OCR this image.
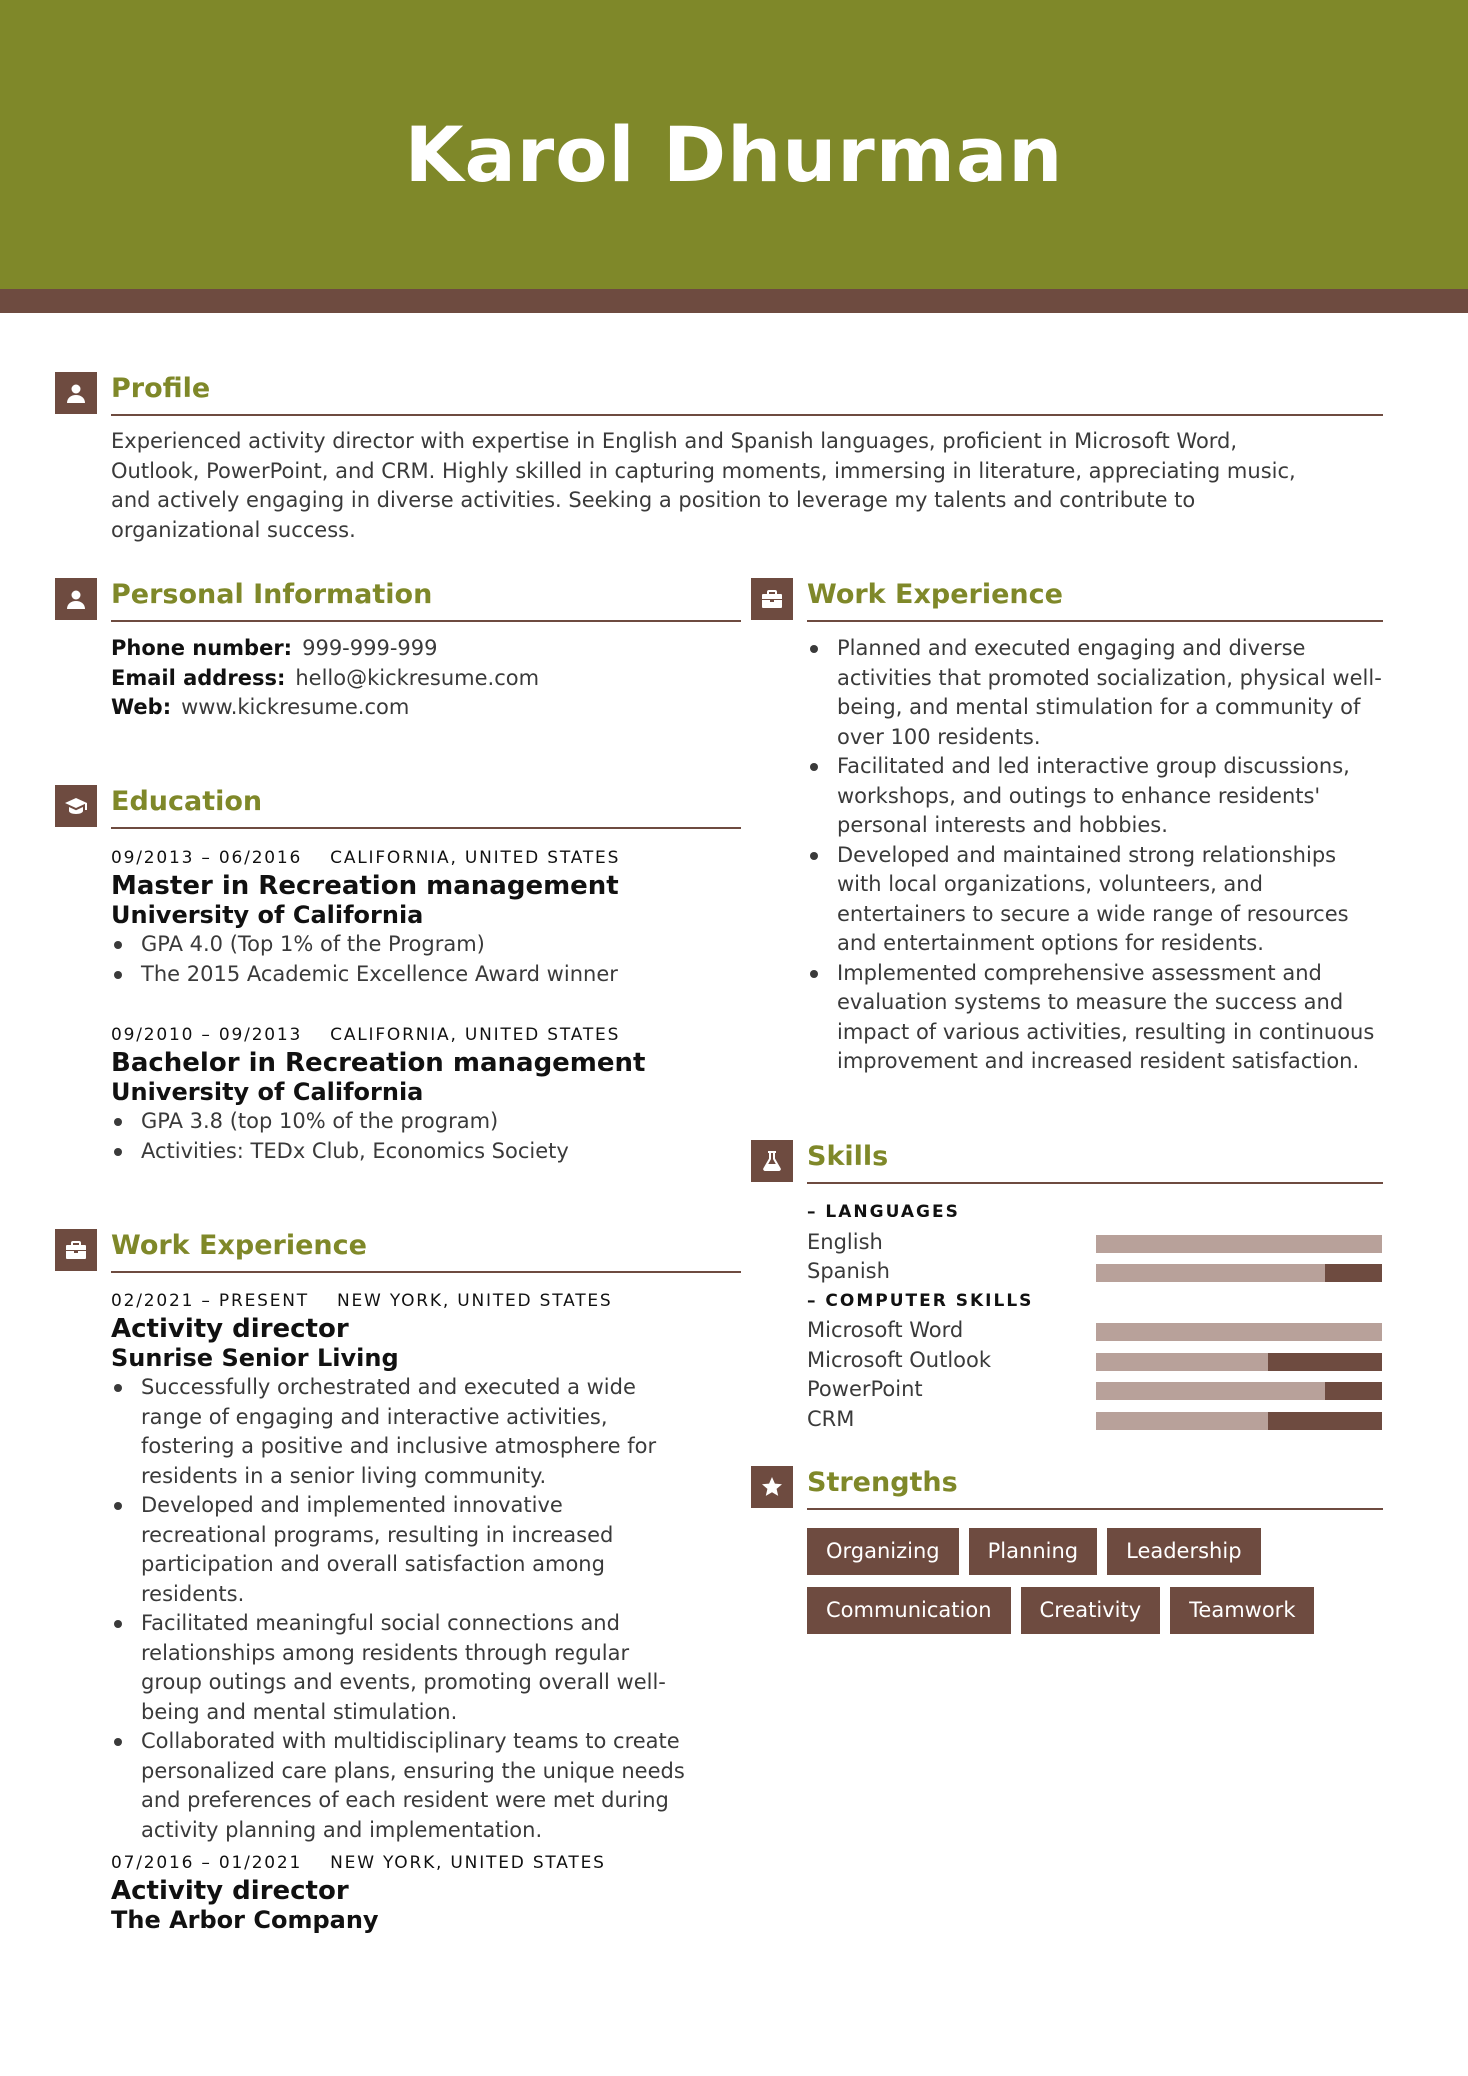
Karol Dhurman
Profile
Experienced activity director with expertise in English and Spanish languages, proficient in Microsoft Word, Outlook, PowerPoint, and CRM. Highly skilled in capturing moments, immersing in literature, appreciating music, and actively engaging in diverse activities. Seeking a position to leverage my talents and contribute to organizational success.
Personal Information
Phone number: 999-999-999
Email address: hello@kickresume.com
Web: www.kickresume.com
Education
09/2013 – 06/2016 CALIFORNIA, UNITED STATES
Master in Recreation management
University of California
GPA 4.0 (Top 1% of the Program)
The 2015 Academic Excellence Award winner
09/2010 – 09/2013 CALIFORNIA, UNITED STATES
Bachelor in Recreation management
University of California
GPA 3.8 (top 10% of the program)
Activities: TEDx Club, Economics Society
Work Experience
02/2021 – PRESENT NEW YORK, UNITED STATES
Activity director
Sunrise Senior Living
Successfully orchestrated and executed a wide range of engaging and interactive activities, fostering a positive and inclusive atmosphere for residents in a senior living community.
Developed and implemented innovative recreational programs, resulting in increased participation and overall satisfaction among residents.
Facilitated meaningful social connections and relationships among residents through regular group outings and events, promoting overall well-being and mental stimulation.
Collaborated with multidisciplinary teams to create personalized care plans, ensuring the unique needs and preferences of each resident were met during activity planning and implementation.
07/2016 – 01/2021 NEW YORK, UNITED STATES
Activity director
The Arbor Company
Work Experience
Planned and executed engaging and diverse activities that promoted socialization, physical well-being, and mental stimulation for a community of over 100 residents.
Facilitated and led interactive group discussions, workshops, and outings to enhance residents' personal interests and hobbies.
Developed and maintained strong relationships with local organizations, volunteers, and entertainers to secure a wide range of resources and entertainment options for residents.
Implemented comprehensive assessment and evaluation systems to measure the success and impact of various activities, resulting in continuous improvement and increased resident satisfaction.
Skills
– LANGUAGES
English
Spanish
– COMPUTER SKILLS
Microsoft Word
Microsoft Outlook
PowerPoint
CRM
Strengths
Organizing	Planning	Leadership
Communication	Creativity	Teamwork
